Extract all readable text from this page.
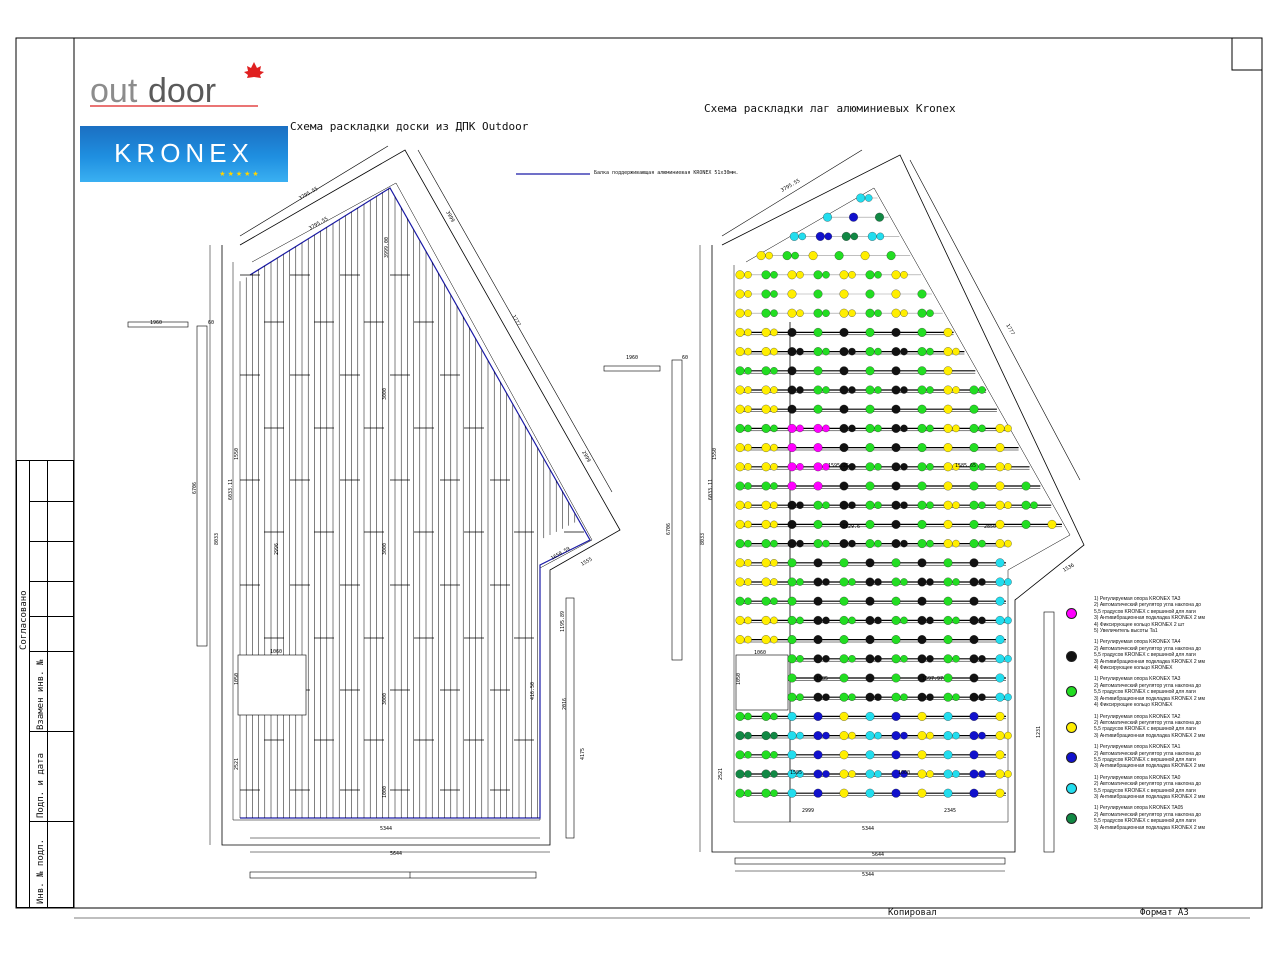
3795.55
3795.55	3999
1777
2999
1650.59
1555
1960	60
6706
1550
6033.11
2996
8033
1050
2521
1060
3999.00
3000
3000
3000
1000
416.50
1195.89
2016
4175
5344
5644
3795.55
1777
1536
1960	60
6706
1550
6033.11
8033
1050
2521
1060
1595.25	1585.65
2129.6	2850
1585	1597.97
1595	1000
2999	2345
1231
5344
5644
5344
out door
KRONEX
★★★★★
Схема раскладки доски из ДПК Outdoor
Схема раскладки лаг алюминиевых Kronex
Балка поддерживающая алюминиевая KRONEX 51х30мм.
Копировал	Формат А3
Согласовано
Взамен инв. №
Подп. и дата
Инв. № подл.
1) Регулируемая опора KRONEX TA3
2) Автоматический регулятор угла наклона до
5,5 градусов KRONEX с вершиной для лаги
3) Антивибрационная подкладка KRONEX 2 мм
4) Фиксирующее кольцо KRONEX 2 шт
5) Увеличитель высоты Ta1
1) Регулируемая опора KRONEX TA4
2) Автоматический регулятор угла наклона до
5,5 градусов KRONEX с вершиной для лаги
3) Антивибрационная подкладка KRONEX 2 мм
4) Фиксирующее кольцо KRONEX
1) Регулируемая опора KRONEX TA3
2) Автоматический регулятор угла наклона до
5,5 градусов KRONEX с вершиной для лаги
3) Антивибрационная подкладка KRONEX 2 мм
4) Фиксирующее кольцо KRONEX
1) Регулируемая опора KRONEX TA2
2) Автоматический регулятор угла наклона до
5,5 градусов KRONEX с вершиной для лаги
3) Антивибрационная подкладка KRONEX 2 мм
1) Регулируемая опора KRONEX TA1
2) Автоматический регулятор угла наклона до
5,5 градусов KRONEX с вершиной для лаги
3) Антивибрационная подкладка KRONEX 2 мм
1) Регулируемая опора KRONEX TA0
2) Автоматический регулятор угла наклона до
5,5 градусов KRONEX с вершиной для лаги
3) Антивибрационная подкладка KRONEX 2 мм
1) Регулируемая опора KRONEX TA05
2) Автоматический регулятор угла наклона до
5,5 градусов KRONEX с вершиной для лаги
3) Антивибрационная подкладка KRONEX 2 мм
